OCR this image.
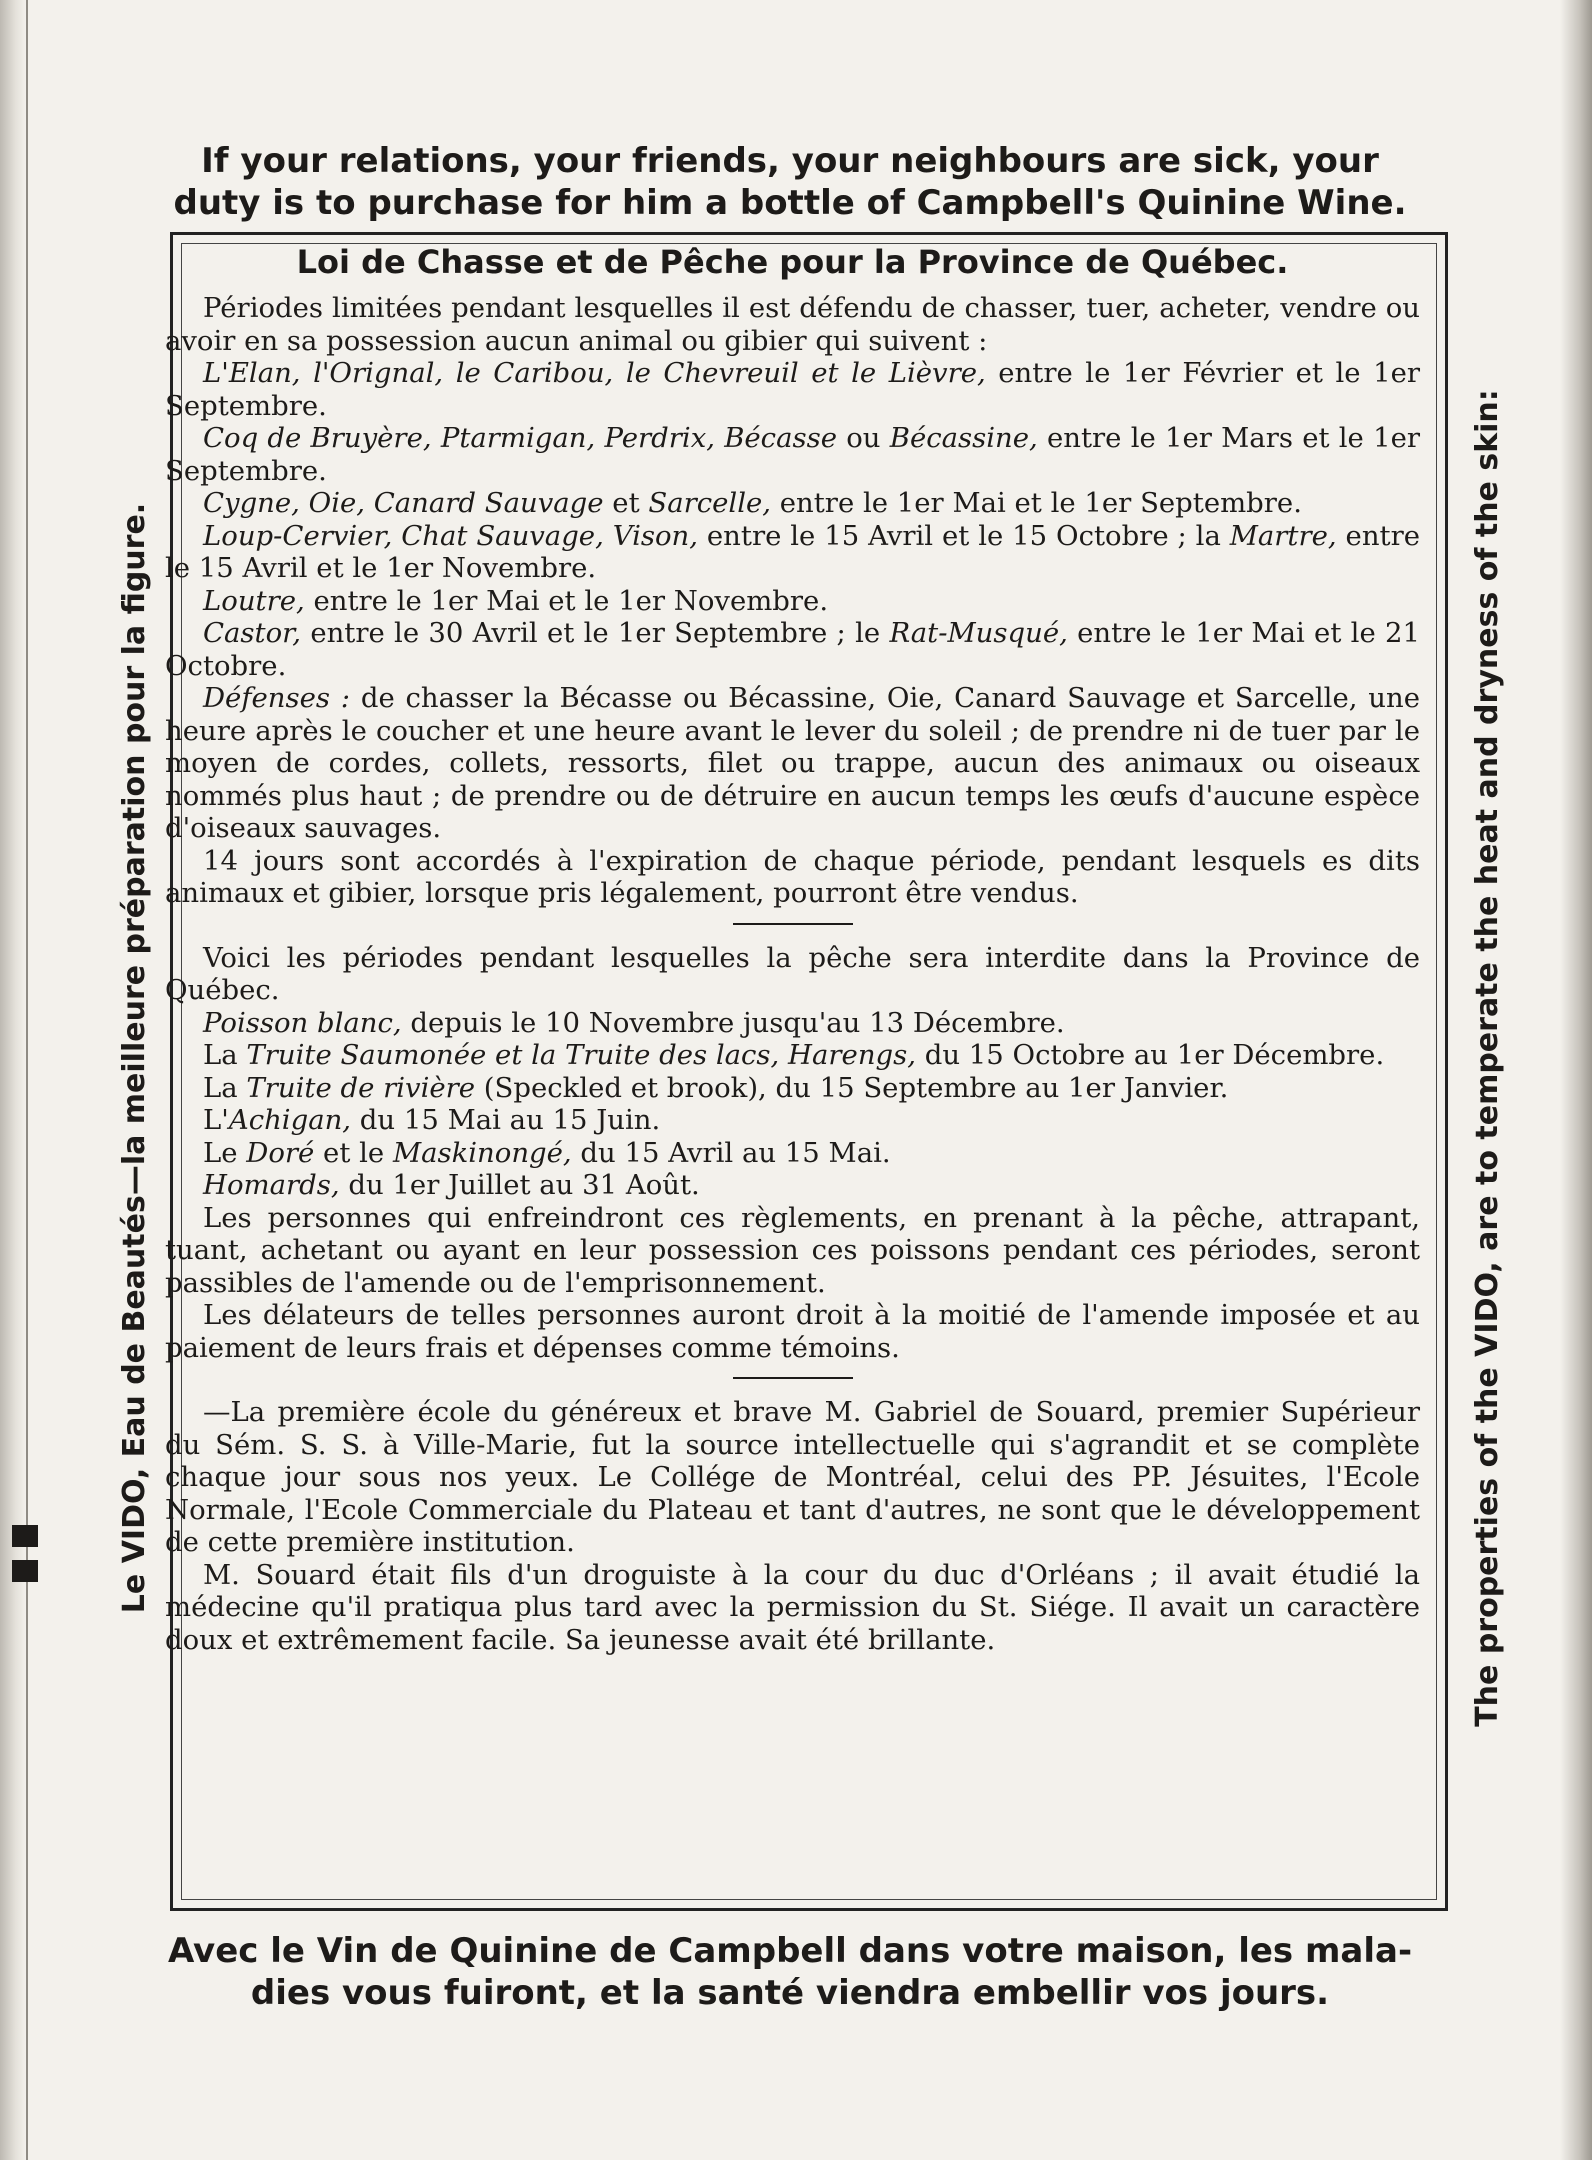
If your relations, your friends, your neighbours are sick, your
duty is to purchase for him a bottle of Campbell's Quinine Wine.
Le VIDO, Eau de Beautés—la meilleure préparation pour la figure.	The properties of the VIDO, are to temperate the heat and dryness of the skin:
Loi de Chasse et de Pêche pour la Province de Québec.

Périodes limitées pendant lesquelles il est défendu de chasser, tuer, acheter, vendre ou avoir en sa possession aucun animal ou gibier qui suivent :

L'Elan, l'Orignal, le Caribou, le Chevreuil et le Lièvre, entre le 1er Février et le 1er Septembre.

Coq de Bruyère, Ptarmigan, Perdrix, Bécasse ou Bécassine, entre le 1er Mars et le 1er Septembre.

Cygne, Oie, Canard Sauvage et Sarcelle, entre le 1er Mai et le 1er Septembre.

Loup-Cervier, Chat Sauvage, Vison, entre le 15 Avril et le 15 Octobre ; la Martre, entre le 15 Avril et le 1er Novembre.

Loutre, entre le 1er Mai et le 1er Novembre.

Castor, entre le 30 Avril et le 1er Septembre ; le Rat-Musqué, entre le 1er Mai et le 21 Octobre.

Défenses : de chasser la Bécasse ou Bécassine, Oie, Canard Sauvage et Sarcelle, une heure après le coucher et une heure avant le lever du soleil ; de prendre ni de tuer par le moyen de cordes, collets, ressorts, filet ou trappe, aucun des animaux ou oiseaux nommés plus haut ; de prendre ou de détruire en aucun temps les œufs d'aucune espèce d'oiseaux sauvages.

14 jours sont accordés à l'expiration de chaque période, pendant lesquels es dits animaux et gibier, lorsque pris légalement, pourront être vendus.

Voici les périodes pendant lesquelles la pêche sera interdite dans la Province de Québec.

Poisson blanc, depuis le 10 Novembre jusqu'au 13 Décembre.

La Truite Saumonée et la Truite des lacs, Harengs, du 15 Octobre au 1er Décembre.

La Truite de rivière (Speckled et brook), du 15 Septembre au 1er Janvier.

L'Achigan, du 15 Mai au 15 Juin.

Le Doré et le Maskinongé, du 15 Avril au 15 Mai.

Homards, du 1er Juillet au 31 Août.

Les personnes qui enfreindront ces règlements, en prenant à la pêche, attrapant, tuant, achetant ou ayant en leur possession ces poissons pendant ces périodes, seront passibles de l'amende ou de l'emprisonnement.

Les délateurs de telles personnes auront droit à la moitié de l'amende imposée et au paiement de leurs frais et dépenses comme témoins.

—La première école du généreux et brave M. Gabriel de Souard, premier Supérieur du Sém. S. S. à Ville-Marie, fut la source intellectuelle qui s'agrandit et se complète chaque jour sous nos yeux. Le Collége de Montréal, celui des PP. Jésuites, l'Ecole Normale, l'Ecole Commerciale du Plateau et tant d'autres, ne sont que le développement de cette première institution.

M. Souard était fils d'un droguiste à la cour du duc d'Orléans ; il avait étudié la médecine qu'il pratiqua plus tard avec la permission du St. Siége. Il avait un caractère doux et extrêmement facile. Sa jeunesse avait été brillante.

Avec le Vin de Quinine de Campbell dans votre maison, les mala-
dies vous fuiront, et la santé viendra embellir vos jours.
